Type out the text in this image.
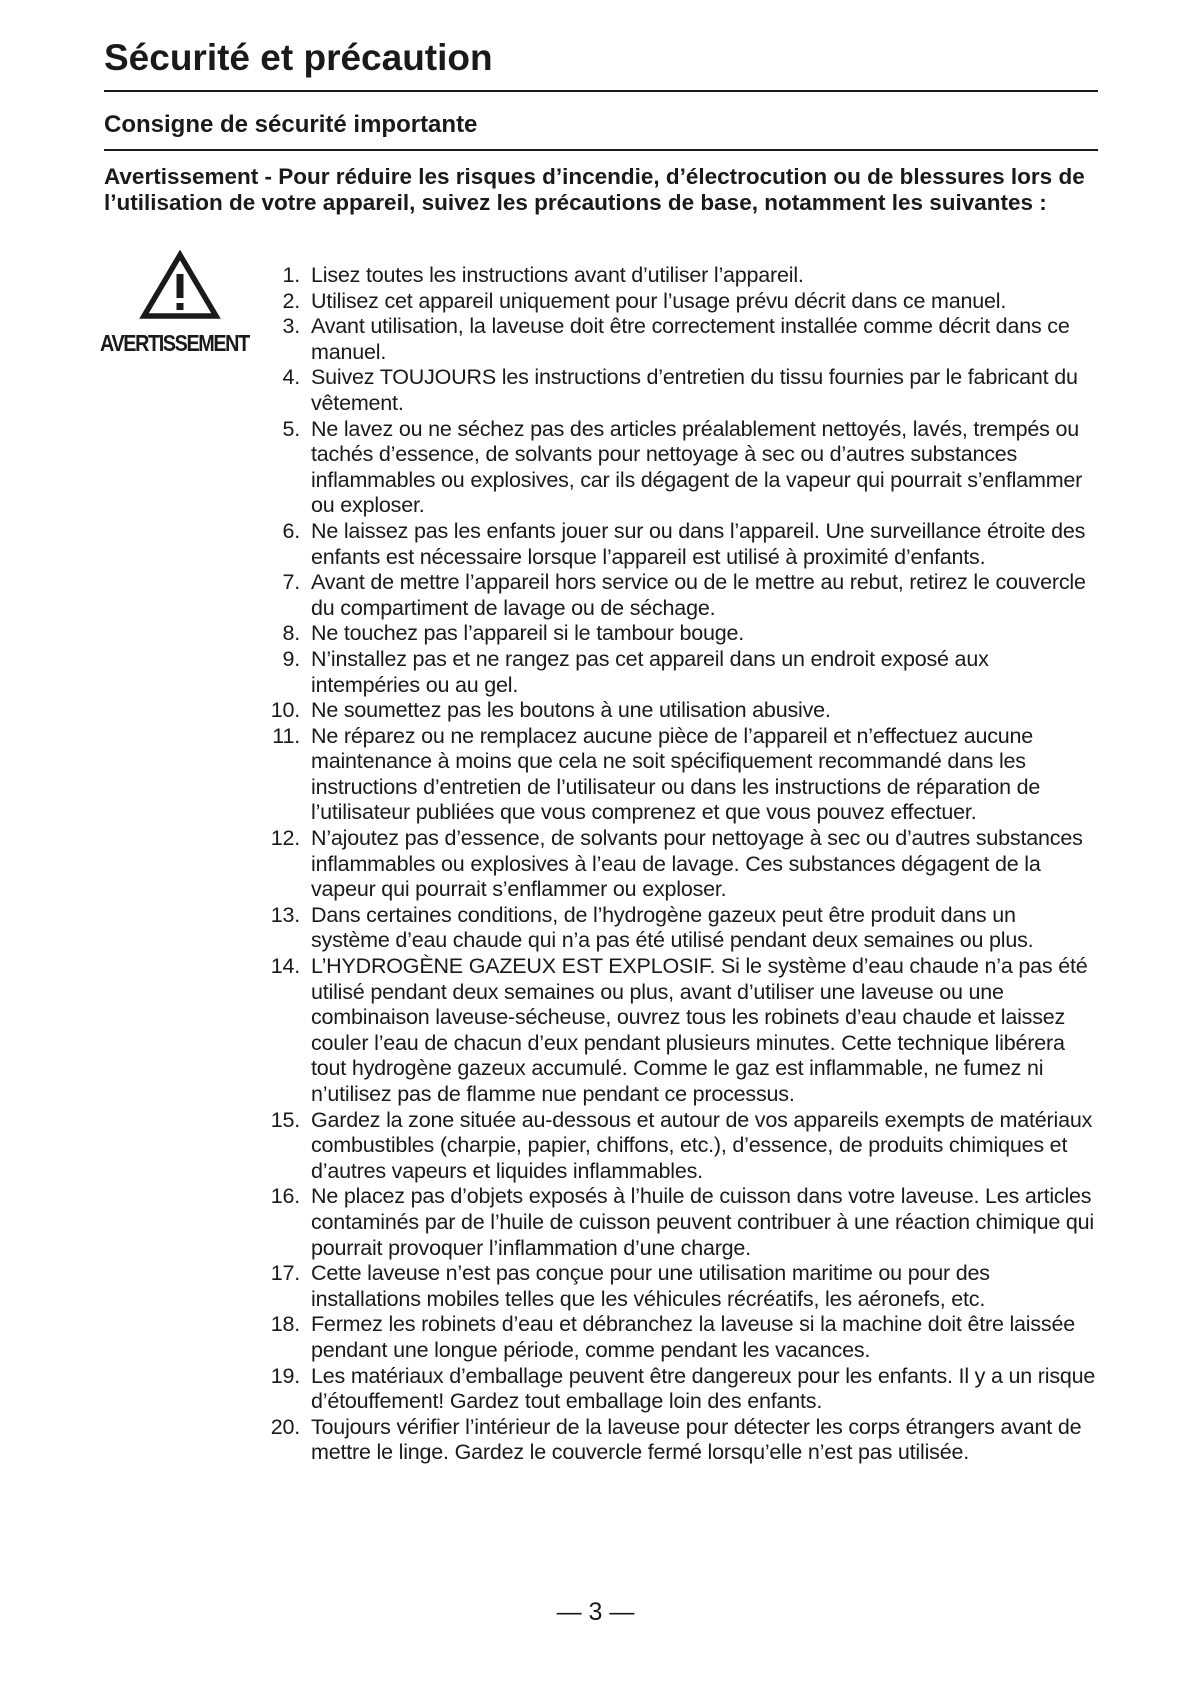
Sécurité et précaution
Consigne de sécurité importante

Avertissement - Pour réduire les risques d’incendie, d’électrocution ou de blessures lors de l’utilisation de votre appareil, suivez les précautions de base, notamment les suivantes :

AVERTISSEMENT
1. Lisez toutes les instructions avant d’utiliser l’appareil.
2. Utilisez cet appareil uniquement pour l’usage prévu décrit dans ce manuel.
3. Avant utilisation, la laveuse doit être correctement installée comme décrit dans ce manuel.
4. Suivez TOUJOURS les instructions d’entretien du tissu fournies par le fabricant du vêtement.
5. Ne lavez ou ne séchez pas des articles préalablement nettoyés, lavés, trempés ou tachés d’essence, de solvants pour nettoyage à sec ou d’autres substances inflammables ou explosives, car ils dégagent de la vapeur qui pourrait s’enflammer ou exploser.
6. Ne laissez pas les enfants jouer sur ou dans l’appareil. Une surveillance étroite des enfants est nécessaire lorsque l’appareil est utilisé à proximité d’enfants.
7. Avant de mettre l’appareil hors service ou de le mettre au rebut, retirez le couvercle du compartiment de lavage ou de séchage.
8. Ne touchez pas l’appareil si le tambour bouge.
9. N’installez pas et ne rangez pas cet appareil dans un endroit exposé aux intempéries ou au gel.
10. Ne soumettez pas les boutons à une utilisation abusive.
11. Ne réparez ou ne remplacez aucune pièce de l’appareil et n’effectuez aucune maintenance à moins que cela ne soit spécifiquement recommandé dans les instructions d’entretien de l’utilisateur ou dans les instructions de réparation de l’utilisateur publiées que vous comprenez et que vous pouvez effectuer.
12. N’ajoutez pas d’essence, de solvants pour nettoyage à sec ou d’autres substances inflammables ou explosives à l’eau de lavage. Ces substances dégagent de la vapeur qui pourrait s’enflammer ou exploser.
13. Dans certaines conditions, de l’hydrogène gazeux peut être produit dans un système d’eau chaude qui n’a pas été utilisé pendant deux semaines ou plus.
14. L’HYDROGÈNE GAZEUX EST EXPLOSIF. Si le système d’eau chaude n’a pas été utilisé pendant deux semaines ou plus, avant d’utiliser une laveuse ou une combinaison laveuse-sécheuse, ouvrez tous les robinets d’eau chaude et laissez couler l’eau de chacun d’eux pendant plusieurs minutes. Cette technique libérera tout hydrogène gazeux accumulé. Comme le gaz est inflammable, ne fumez ni n’utilisez pas de flamme nue pendant ce processus.
15. Gardez la zone située au-dessous et autour de vos appareils exempts de matériaux combustibles (charpie, papier, chiffons, etc.), d’essence, de produits chimiques et d’autres vapeurs et liquides inflammables.
16. Ne placez pas d’objets exposés à l’huile de cuisson dans votre laveuse. Les articles contaminés par de l’huile de cuisson peuvent contribuer à une réaction chimique qui pourrait provoquer l’inflammation d’une charge.
17. Cette laveuse n’est pas conçue pour une utilisation maritime ou pour des installations mobiles telles que les véhicules récréatifs, les aéronefs, etc.
18. Fermez les robinets d’eau et débranchez la laveuse si la machine doit être laissée pendant une longue période, comme pendant les vacances.
19. Les matériaux d’emballage peuvent être dangereux pour les enfants. Il y a un risque d’étouffement! Gardez tout emballage loin des enfants.
20. Toujours vérifier l’intérieur de la laveuse pour détecter les corps étrangers avant de mettre le linge. Gardez le couvercle fermé lorsqu’elle n’est pas utilisée.
— 3 —
